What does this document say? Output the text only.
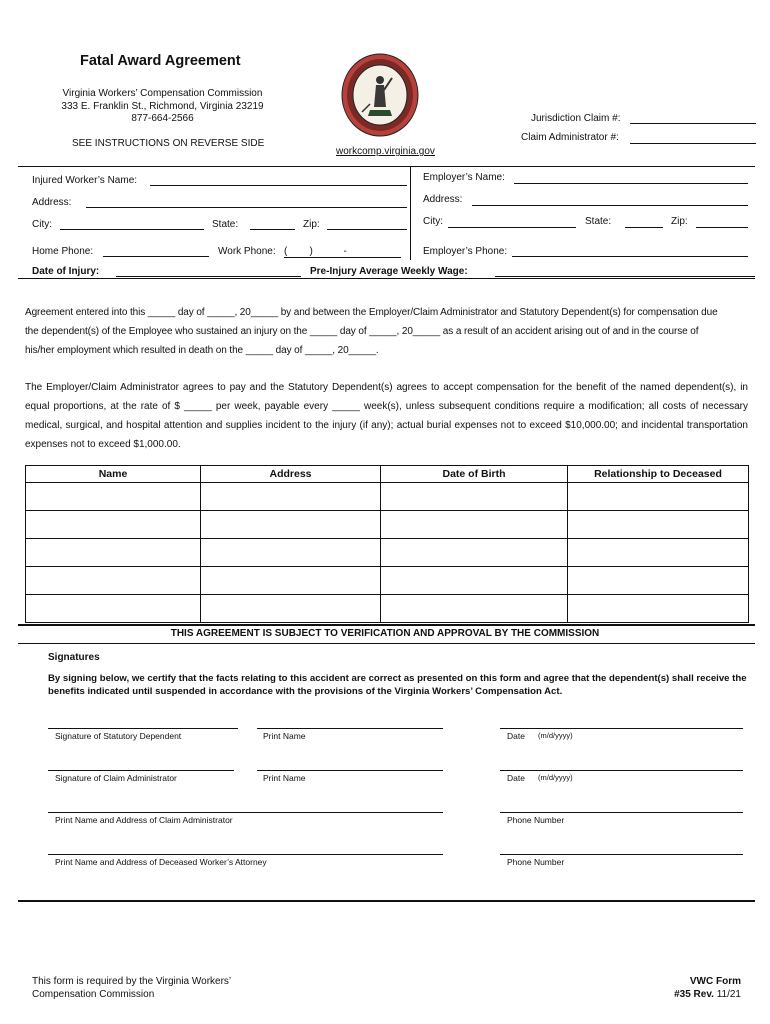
Fatal Award Agreement
Virginia Workers’ Compensation Commission
333 E. Franklin St., Richmond, Virginia 23219
877-664-2566
SEE INSTRUCTIONS ON REVERSE SIDE
workcomp.virginia.gov
Jurisdiction Claim #:
Claim Administrator #:
Injured Worker’s Name:
Address:
City:	State:	Zip:
Home Phone:	Work Phone: (        )           -
Employer’s Name:
Address:
City:	State:	Zip:
Employer’s Phone:
Date of Injury:	Pre-Injury Average Weekly Wage:
Agreement entered into this _____ day of _____, 20_____ by and between the Employer/Claim Administrator and Statutory Dependent(s) for compensation due
the dependent(s) of the Employee who sustained an injury on the _____ day of _____, 20_____ as a result of an accident arising out of and in the course of
his/her employment which resulted in death on the _____ day of _____, 20_____.
The Employer/Claim Administrator agrees to pay and the Statutory Dependent(s) agrees to accept compensation for the benefit of the named dependent(s), in equal proportions, at the rate of $ _____ per week, payable every _____ week(s), unless subsequent conditions require a modification; all costs of necessary medical, surgical, and hospital attention and supplies incident to the injury (if any); actual burial expenses not to exceed $10,000.00; and incidental transportation expenses not to exceed $1,000.00.
Name	Address	Date of Birth	Relationship to Deceased

THIS AGREEMENT IS SUBJECT TO VERIFICATION AND APPROVAL BY THE COMMISSION
Signatures
By signing below, we certify that the facts relating to this accident are correct as presented on this form and agree that the dependent(s) shall receive the benefits indicated until suspended in accordance with the provisions of the Virginia Workers’ Compensation Act.
Signature of Statutory Dependent	Print Name	Date (m/d/yyyy)
Signature of Claim Administrator	Print Name	Date (m/d/yyyy)
Print Name and Address of Claim Administrator	Phone Number
Print Name and Address of Deceased Worker’s Attorney	Phone Number
This form is required by the Virginia Workers’
Compensation Commission
VWC Form
#35 Rev. 11/21
